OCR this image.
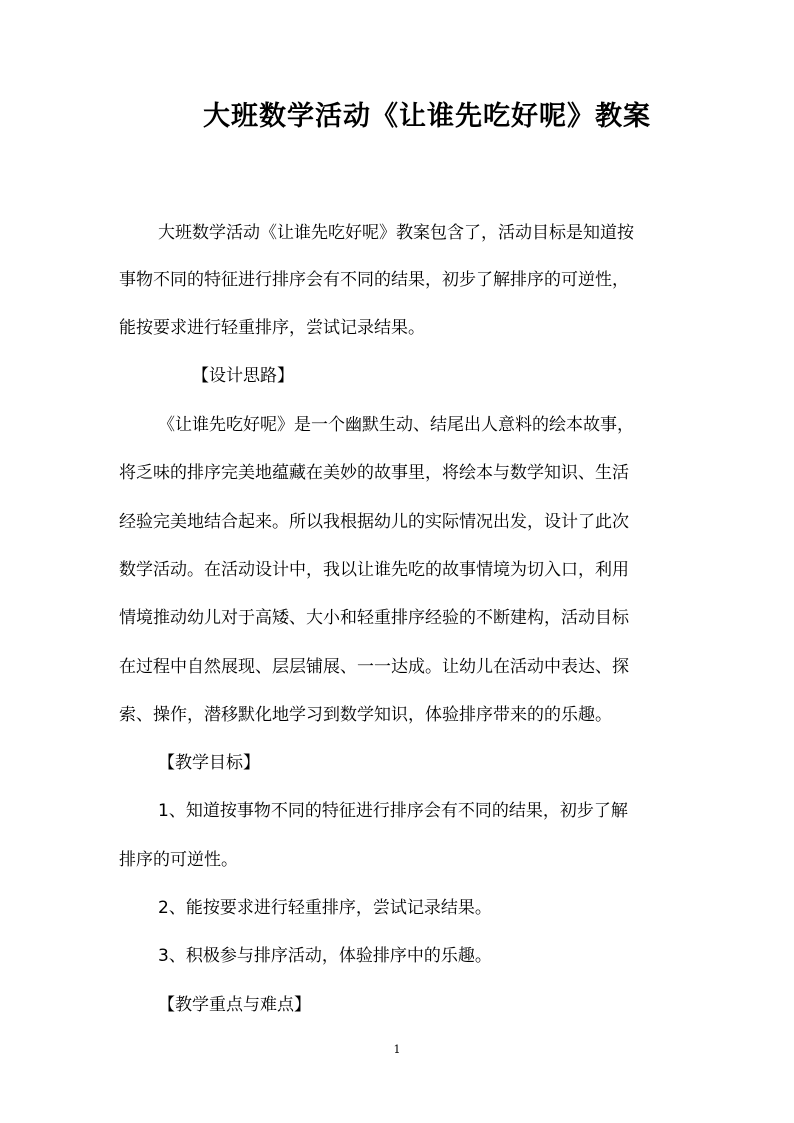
大班数学活动《让谁先吃好呢》教案
大班数学活动《让谁先吃好呢》教案包含了，活动目标是知道按
事物不同的特征进行排序会有不同的结果，初步了解排序的可逆性，
能按要求进行轻重排序，尝试记录结果。
【设计思路】
《让谁先吃好呢》是一个幽默生动、结尾出人意料的绘本故事，
将乏味的排序完美地蕴藏在美妙的故事里，将绘本与数学知识、生活
经验完美地结合起来。所以我根据幼儿的实际情况出发，设计了此次
数学活动。在活动设计中，我以让谁先吃的故事情境为切入口，利用
情境推动幼儿对于高矮、大小和轻重排序经验的不断建构，活动目标
在过程中自然展现、层层铺展、一一达成。让幼儿在活动中表达、探
索、操作，潜移默化地学习到数学知识，体验排序带来的的乐趣。
【教学目标】
1、知道按事物不同的特征进行排序会有不同的结果，初步了解
排序的可逆性。
2、能按要求进行轻重排序，尝试记录结果。
3、积极参与排序活动，体验排序中的乐趣。
【教学重点与难点】
1
